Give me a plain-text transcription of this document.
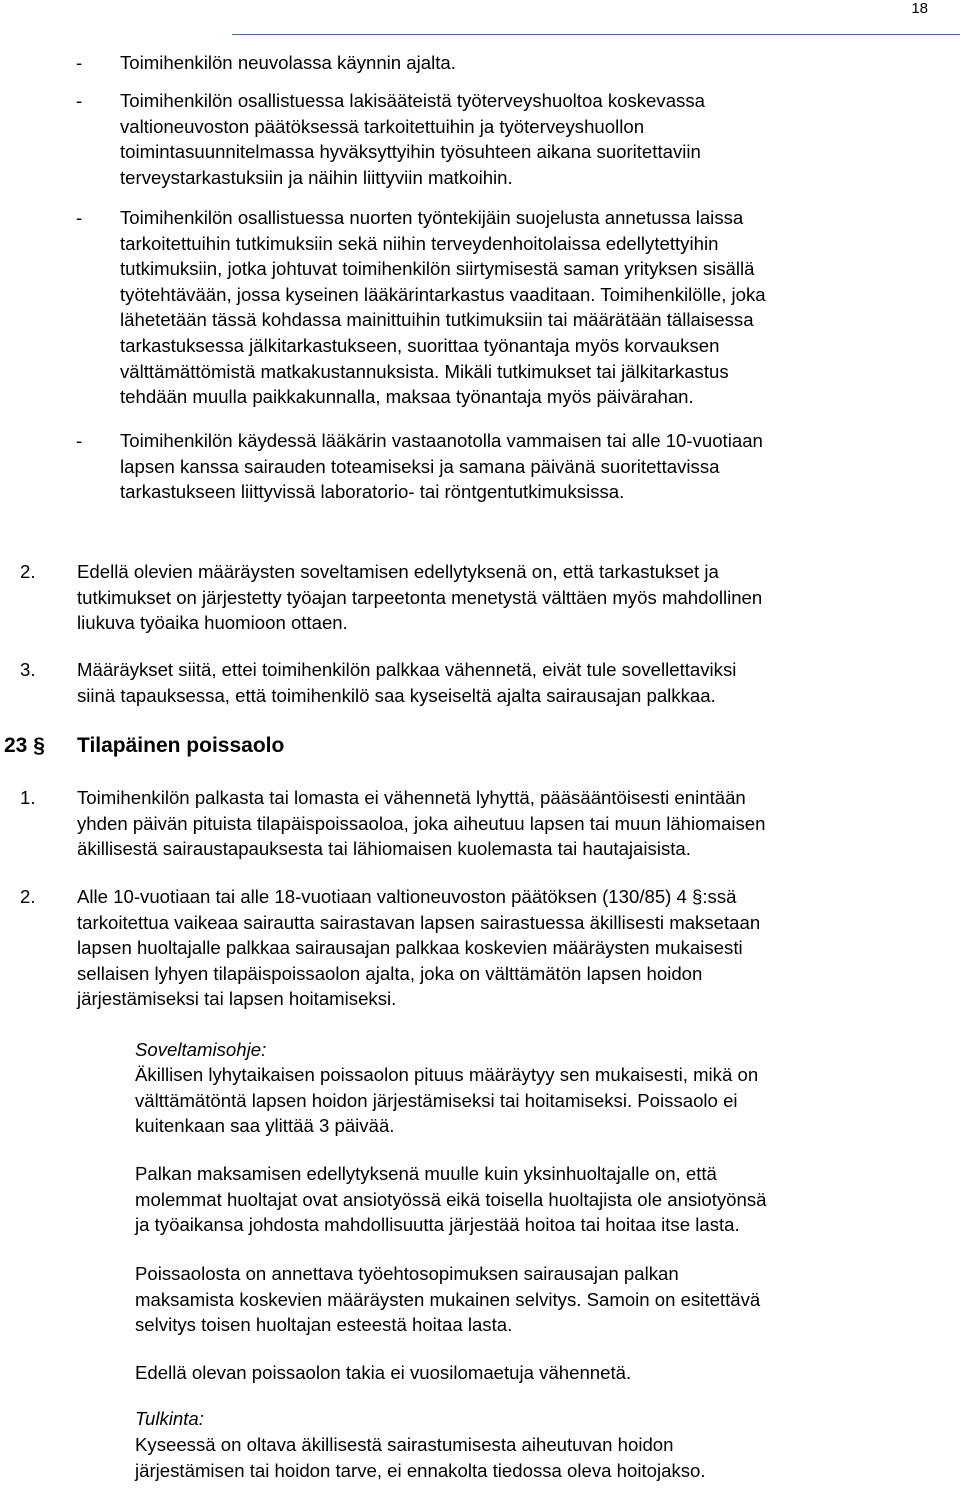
18
- Toimihenkilön neuvolassa käynnin ajalta.
- Toimihenkilön osallistuessa lakisääteistä työterveyshuoltoa koskevassa
valtioneuvoston päätöksessä tarkoitettuihin ja työterveyshuollon
toimintasuunnitelmassa hyväksyttyihin työsuhteen aikana suoritettaviin
terveystarkastuksiin ja näihin liittyviin matkoihin.
- Toimihenkilön osallistuessa nuorten työntekijäin suojelusta annetussa laissa
tarkoitettuihin tutkimuksiin sekä niihin terveydenhoitolaissa edellytettyihin
tutkimuksiin, jotka johtuvat toimihenkilön siirtymisestä saman yrityksen sisällä
työtehtävään, jossa kyseinen lääkärintarkastus vaaditaan. Toimihenkilölle, joka
lähetetään tässä kohdassa mainittuihin tutkimuksiin tai määrätään tällaisessa
tarkastuksessa jälkitarkastukseen, suorittaa työnantaja myös korvauksen
välttämättömistä matkakustannuksista. Mikäli tutkimukset tai jälkitarkastus
tehdään muulla paikkakunnalla, maksaa työnantaja myös päivärahan.
- Toimihenkilön käydessä lääkärin vastaanotolla vammaisen tai alle 10-vuotiaan
lapsen kanssa sairauden toteamiseksi ja samana päivänä suoritettavissa
tarkastukseen liittyvissä laboratorio- tai röntgentutkimuksissa.
2. Edellä olevien määräysten soveltamisen edellytyksenä on, että tarkastukset ja
tutkimukset on järjestetty työajan tarpeetonta menetystä välttäen myös mahdollinen
liukuva työaika huomioon ottaen.
3. Määräykset siitä, ettei toimihenkilön palkkaa vähennetä, eivät tule sovellettaviksi
siinä tapauksessa, että toimihenkilö saa kyseiseltä ajalta sairausajan palkkaa.
23 § Tilapäinen poissaolo
1. Toimihenkilön palkasta tai lomasta ei vähennetä lyhyttä, pääsääntöisesti enintään
yhden päivän pituista tilapäispoissaoloa, joka aiheutuu lapsen tai muun lähiomaisen
äkillisestä sairaustapauksesta tai lähiomaisen kuolemasta tai hautajaisista.
2. Alle 10-vuotiaan tai alle 18-vuotiaan valtioneuvoston päätöksen (130/85) 4 §:ssä
tarkoitettua vaikeaa sairautta sairastavan lapsen sairastuessa äkillisesti maksetaan
lapsen huoltajalle palkkaa sairausajan palkkaa koskevien määräysten mukaisesti
sellaisen lyhyen tilapäispoissaolon ajalta, joka on välttämätön lapsen hoidon
järjestämiseksi tai lapsen hoitamiseksi.
Soveltamisohje:
Äkillisen lyhytaikaisen poissaolon pituus määräytyy sen mukaisesti, mikä on
välttämätöntä lapsen hoidon järjestämiseksi tai hoitamiseksi. Poissaolo ei
kuitenkaan saa ylittää 3 päivää.
Palkan maksamisen edellytyksenä muulle kuin yksinhuoltajalle on, että
molemmat huoltajat ovat ansiotyössä eikä toisella huoltajista ole ansiotyönsä
ja työaikansa johdosta mahdollisuutta järjestää hoitoa tai hoitaa itse lasta.
Poissaolosta on annettava työehtosopimuksen sairausajan palkan
maksamista koskevien määräysten mukainen selvitys. Samoin on esitettävä
selvitys toisen huoltajan esteestä hoitaa lasta.
Edellä olevan poissaolon takia ei vuosilomaetuja vähennetä.
Tulkinta:
Kyseessä on oltava äkillisestä sairastumisesta aiheutuvan hoidon
järjestämisen tai hoidon tarve, ei ennakolta tiedossa oleva hoitojakso.
